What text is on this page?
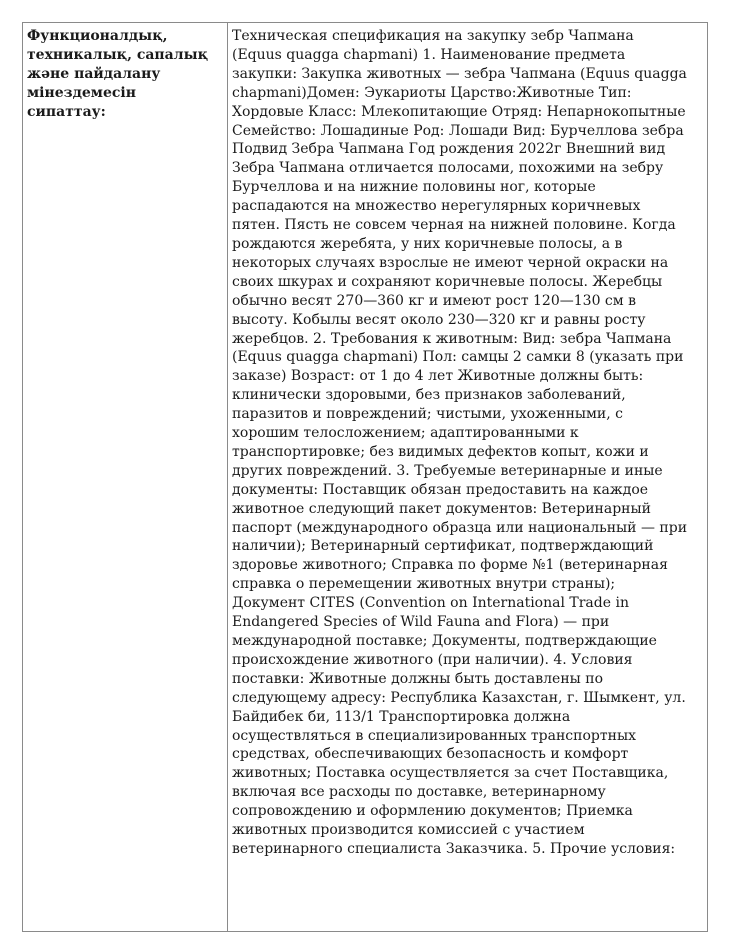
Функционалдық,
техникалық, сапалық
және пайдалану
мінездемесін
сипаттау:

Техническая спецификация на закупку зебр Чапмана
(Equus quagga chapmani) 1. Наименование предмета
закупки: Закупка животных — зебра Чапмана (Equus quagga
chapmani)Домен: Эукариоты Царство:Животные Тип:
Хордовые Класс: Млекопитающие Отряд: Непарнокопытные
Семейство: Лошадиные Род: Лошади Вид: Бурчеллова зебра
Подвид Зебра Чапмана Год рождения 2022г Внешний вид
Зебра Чапмана отличается полосами, похожими на зебру
Бурчеллова и на нижние половины ног, которые
распадаются на множество нерегулярных коричневых
пятен. Пясть не совсем черная на нижней половине. Когда
рождаются жеребята, у них коричневые полосы, а в
некоторых случаях взрослые не имеют черной окраски на
своих шкурах и сохраняют коричневые полосы. Жеребцы
обычно весят 270—360 кг и имеют рост 120—130 см в
высоту. Кобылы весят около 230—320 кг и равны росту
жеребцов. 2. Требования к животным: Вид: зебра Чапмана
(Equus quagga chapmani) Пол: самцы 2 самки 8 (указать при
заказе) Возраст: от 1 до 4 лет Животные должны быть:
клинически здоровыми, без признаков заболеваний,
паразитов и повреждений; чистыми, ухоженными, с
хорошим телосложением; адаптированными к
транспортировке; без видимых дефектов копыт, кожи и
других повреждений. 3. Требуемые ветеринарные и иные
документы: Поставщик обязан предоставить на каждое
животное следующий пакет документов: Ветеринарный
паспорт (международного образца или национальный — при
наличии); Ветеринарный сертификат, подтверждающий
здоровье животного; Справка по форме №1 (ветеринарная
справка о перемещении животных внутри страны);
Документ CITES (Convention on International Trade in
Endangered Species of Wild Fauna and Flora) — при
международной поставке; Документы, подтверждающие
происхождение животного (при наличии). 4. Условия
поставки: Животные должны быть доставлены по
следующему адресу: Республика Казахстан, г. Шымкент, ул.
Байдибек би, 113/1 Транспортировка должна
осуществляться в специализированных транспортных
средствах, обеспечивающих безопасность и комфорт
животных; Поставка осуществляется за счет Поставщика,
включая все расходы по доставке, ветеринарному
сопровождению и оформлению документов; Приемка
животных производится комиссией с участием
ветеринарного специалиста Заказчика. 5. Прочие условия:
